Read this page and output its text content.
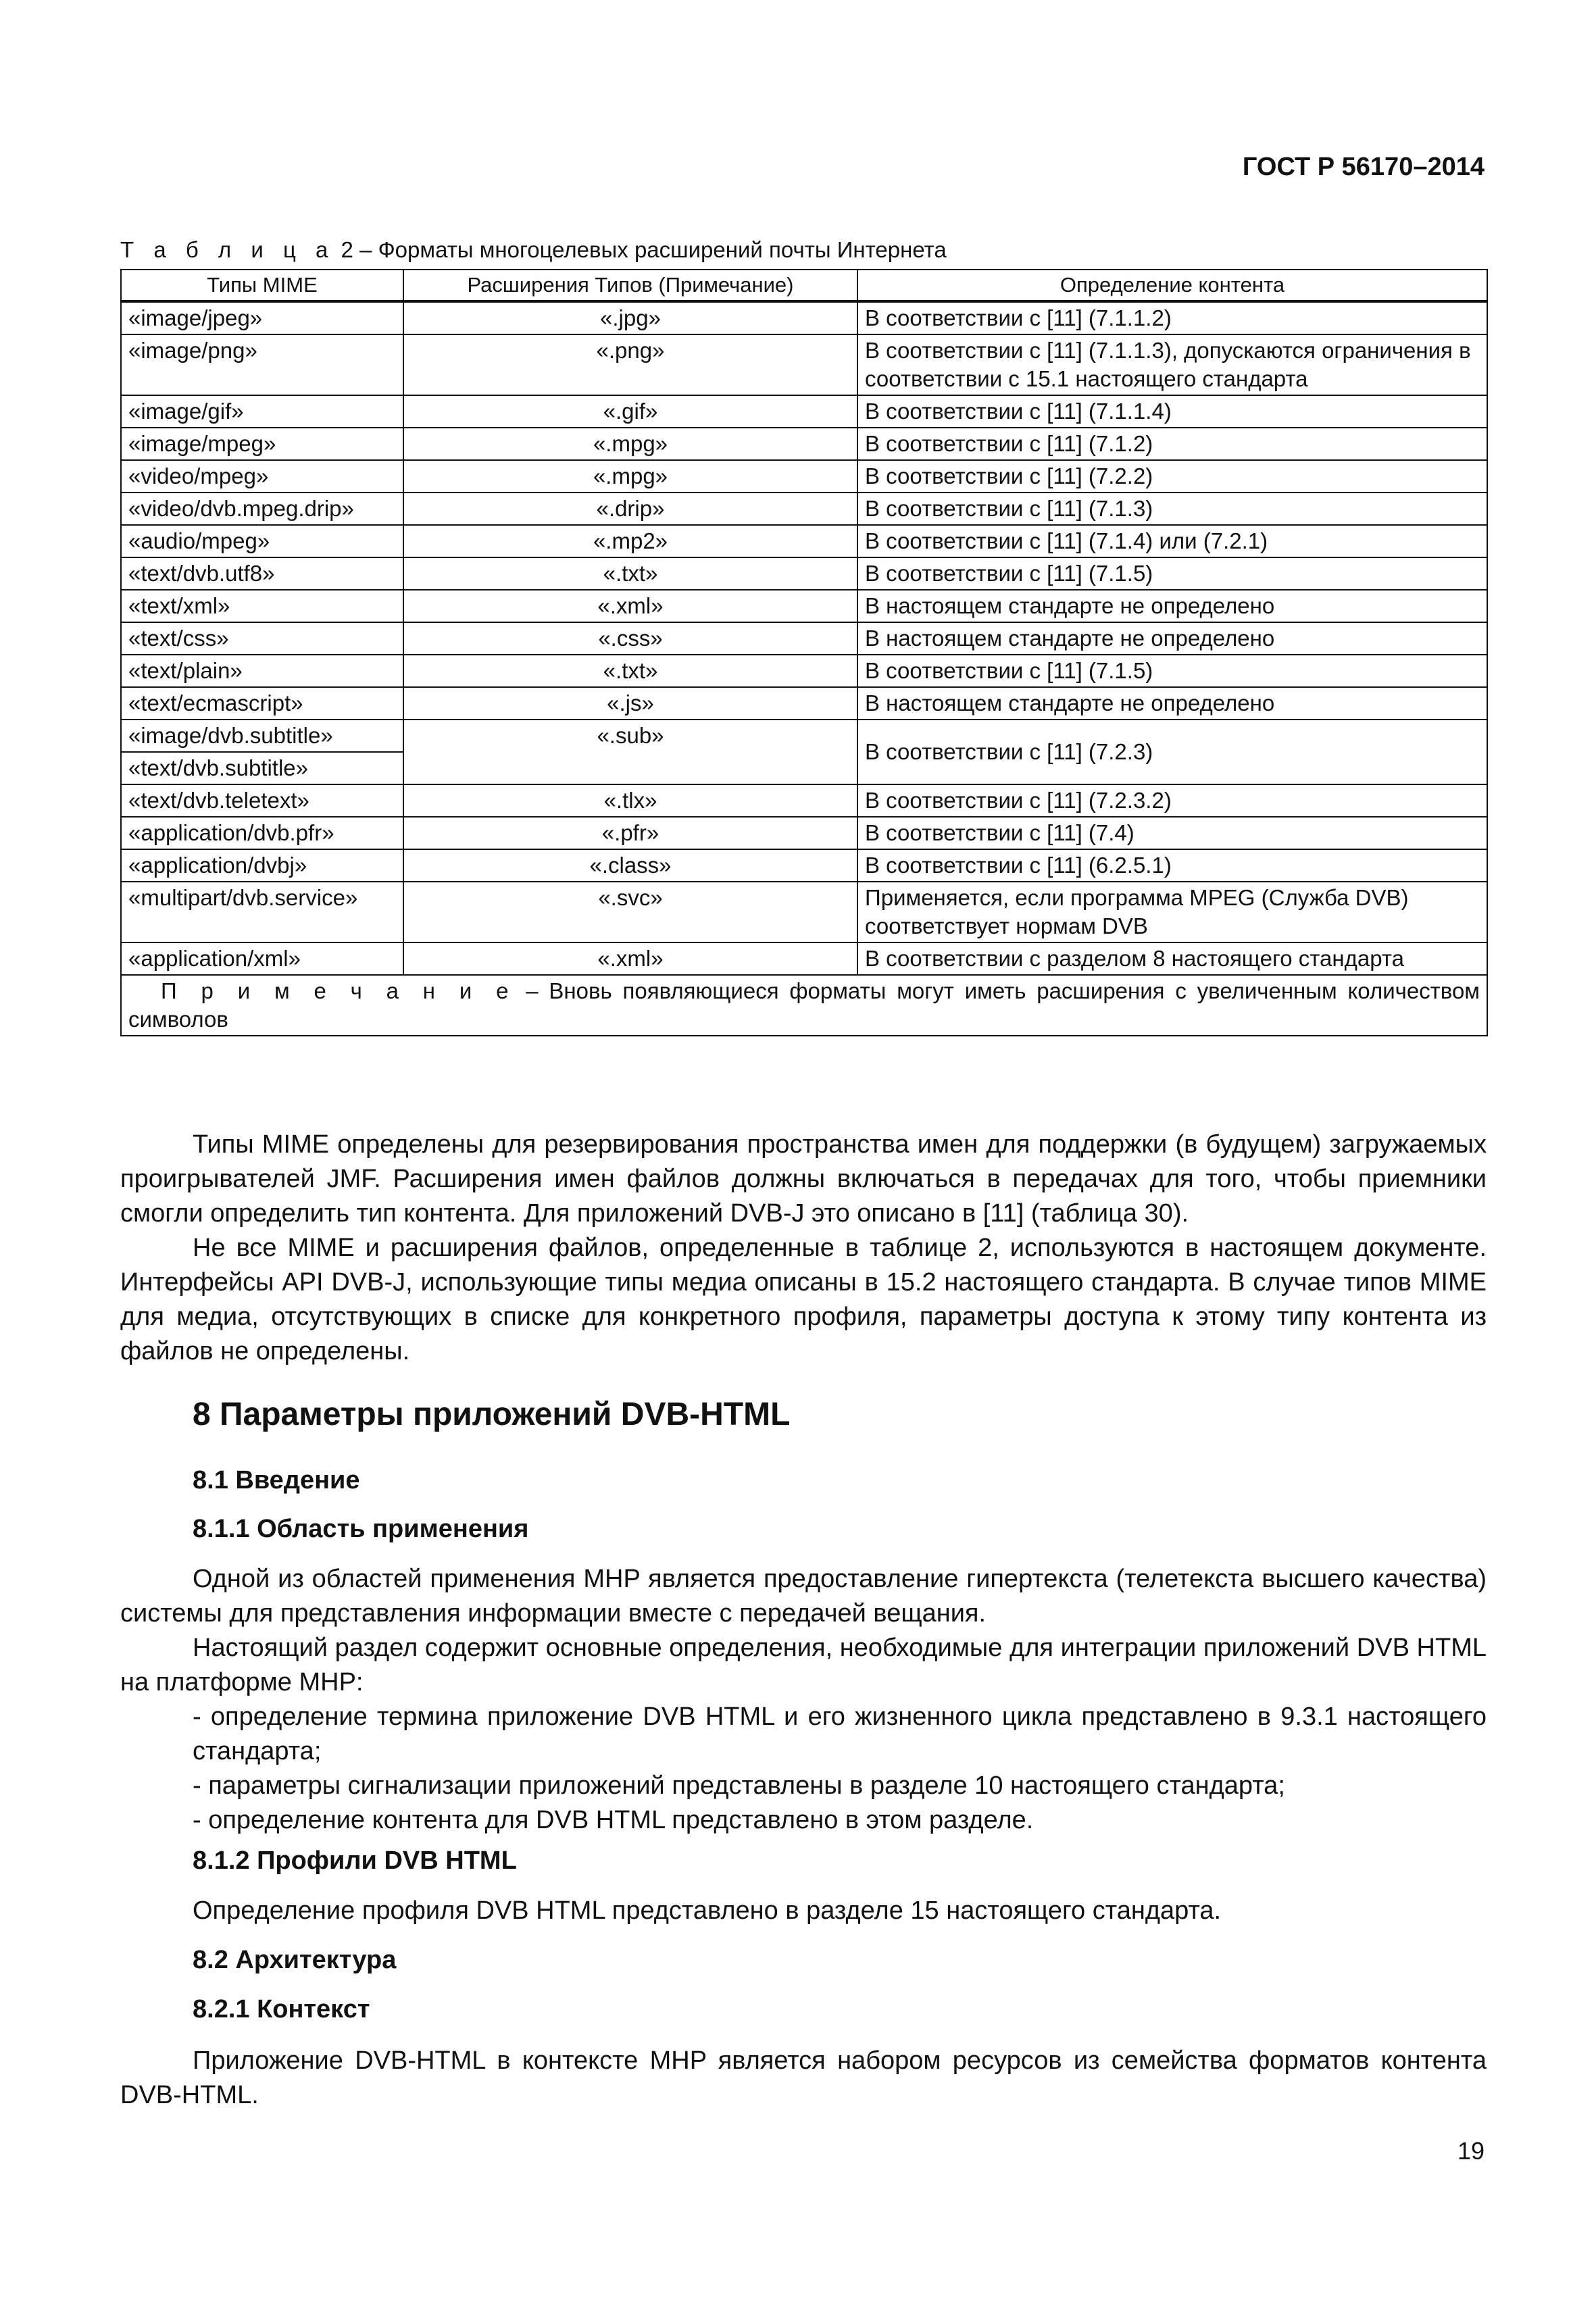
ГОСТ Р 56170–2014
Т а б л и ц а 2 – Форматы многоцелевых расширений почты Интернета
Типы MIME	Расширения Типов (Примечание)	Определение контента
«image/jpeg»	«.jpg»	В соответствии с [11] (7.1.1.2)
«image/png»	«.png»	В соответствии с [11] (7.1.1.3), допускаются ограничения в соответствии с 15.1 настоящего стандарта
«image/gif»	«.gif»	В соответствии с [11] (7.1.1.4)
«image/mpeg»	«.mpg»	В соответствии с [11] (7.1.2)
«video/mpeg»	«.mpg»	В соответствии с [11] (7.2.2)
«video/dvb.mpeg.drip»	«.drip»	В соответствии с [11] (7.1.3)
«audio/mpeg»	«.mp2»	В соответствии с [11] (7.1.4) или (7.2.1)
«text/dvb.utf8»	«.txt»	В соответствии с [11] (7.1.5)
«text/xml»	«.xml»	В настоящем стандарте не определено
«text/css»	«.css»	В настоящем стандарте не определено
«text/plain»	«.txt»	В соответствии с [11] (7.1.5)
«text/ecmascript»	«.js»	В настоящем стандарте не определено
«image/dvb.subtitle»	«.sub»	В соответствии с [11] (7.2.3)
«text/dvb.subtitle»		
«text/dvb.teletext»	«.tlx»	В соответствии с [11] (7.2.3.2)
«application/dvb.pfr»	«.pfr»	В соответствии с [11] (7.4)
«application/dvbj»	«.class»	В соответствии с [11] (6.2.5.1)
«multipart/dvb.service»	«.svc»	Применяется, если программа MPEG (Служба DVB) соответствует нормам DVB
«application/xml»	«.xml»	В соответствии с разделом 8 настоящего стандарта
П р и м е ч а н и е – Вновь появляющиеся форматы могут иметь расширения с увеличенным количеством символов		

Типы MIME определены для резервирования пространства имен для поддержки (в будущем) загружаемых проигрывателей JMF. Расширения имен файлов должны включаться в передачах для того, чтобы приемники смогли определить тип контента. Для приложений DVB-J это описано в [11] (таблица 30).

Не все MIME и расширения файлов, определенные в таблице 2, используются в настоящем документе. Интерфейсы API DVB-J, использующие типы медиа описаны в 15.2 настоящего стандарта. В случае типов MIME для медиа, отсутствующих в списке для конкретного профиля, параметры доступа к этому типу контента из файлов не определены.

8 Параметры приложений DVB-HTML
8.1 Введение
8.1.1 Область применения

Одной из областей применения MHP является предоставление гипертекста (телетекста высшего качества) системы для представления информации вместе с передачей вещания.

Настоящий раздел содержит основные определения, необходимые для интеграции приложений DVB HTML на платформе MHP:

- определение термина приложение DVB HTML и его жизненного цикла представлено в 9.3.1 настоящего стандарта;

- параметры сигнализации приложений представлены в разделе 10 настоящего стандарта;

- определение контента для DVB HTML представлено в этом разделе.

8.1.2 Профили DVB HTML

Определение профиля DVB HTML представлено в разделе 15 настоящего стандарта.

8.2 Архитектура
8.2.1 Контекст

Приложение DVB-HTML в контексте MHP является набором ресурсов из семейства форматов контента DVB-HTML.

19
